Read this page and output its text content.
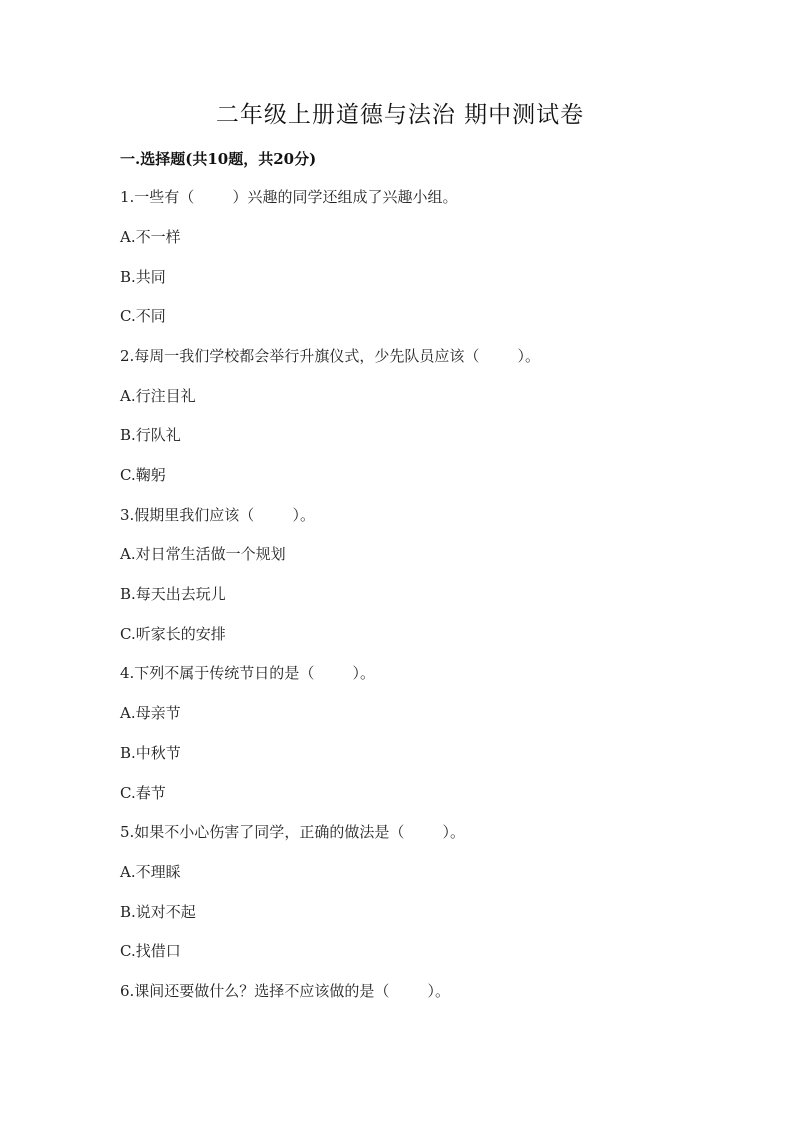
二年级上册道德与法治 期中测试卷
一.选择题(共10题，共20分)

1.一些有（        ）兴趣的同学还组成了兴趣小组。

A.不一样

B.共同

C.不同

2.每周一我们学校都会举行升旗仪式，少先队员应该（        ）。

A.行注目礼

B.行队礼

C.鞠躬

3.假期里我们应该（        ）。

A.对日常生活做一个规划

B.每天出去玩儿

C.听家长的安排

4.下列不属于传统节日的是（        ）。

A.母亲节

B.中秋节

C.春节

5.如果不小心伤害了同学，正确的做法是（        ）。

A.不理睬

B.说对不起

C.找借口

6.课间还要做什么？选择不应该做的是（        ）。
